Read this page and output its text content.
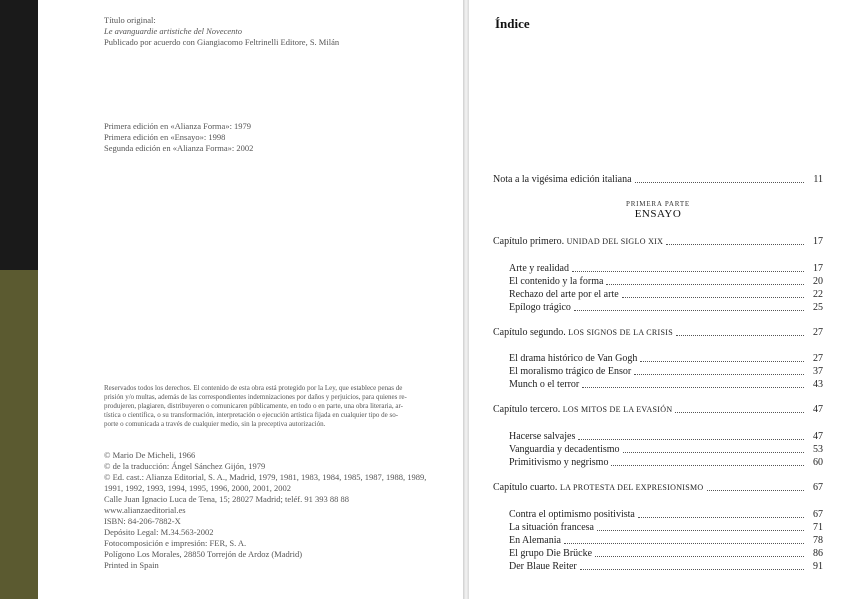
Título original:
Le avanguardie artistiche del Novecento
Publicado por acuerdo con Giangiacomo Feltrinelli Editore, S. Milán
Primera edición en «Alianza Forma»: 1979
Primera edición en «Ensayo»: 1998
Segunda edición en «Alianza Forma»: 2002
Reservados todos los derechos. El contenido de esta obra está protegido por la Ley, que establece penas de
prisión y/o multas, además de las correspondientes indemnizaciones por daños y perjuicios, para quienes re-
produjeren, plagiaren, distribuyeren o comunicaren públicamente, en todo o en parte, una obra literaria, ar-
tística o científica, o su transformación, interpretación o ejecución artística fijada en cualquier tipo de so-
porte o comunicada a través de cualquier medio, sin la preceptiva autorización.
© Mario De Micheli, 1966
© de la traducción: Ángel Sánchez Gijón, 1979
© Ed. cast.: Alianza Editorial, S. A., Madrid, 1979, 1981, 1983, 1984, 1985, 1987, 1988, 1989,
1991, 1992, 1993, 1994, 1995, 1996, 2000, 2001, 2002
Calle Juan Ignacio Luca de Tena, 15; 28027 Madrid; teléf. 91 393 88 88
www.alianzaeditorial.es
ISBN: 84-206-7882-X
Depósito Legal: M.34.563-2002
Fotocomposición e impresión: FER, S. A.
Polígono Los Morales, 28850 Torrejón de Ardoz (Madrid)
Printed in Spain
Índice
Nota a la vigésima edición italiana	11
PRIMERA PARTE
ENSAYO
Capítulo primero. UNIDAD DEL SIGLO XIX	17
Arte y realidad	17
El contenido y la forma	20
Rechazo del arte por el arte	22
Epílogo trágico	25
Capítulo segundo. LOS SIGNOS DE LA CRISIS	27
El drama histórico de Van Gogh	27
El moralismo trágico de Ensor	37
Munch o el terror	43
Capítulo tercero. LOS MITOS DE LA EVASIÓN	47
Hacerse salvajes	47
Vanguardia y decadentismo	53
Primitivismo y negrismo	60
Capítulo cuarto. LA PROTESTA DEL EXPRESIONISMO	67
Contra el optimismo positivista	67
La situación francesa	71
En Alemania	78
El grupo Die Brücke	86
Der Blaue Reiter	91
